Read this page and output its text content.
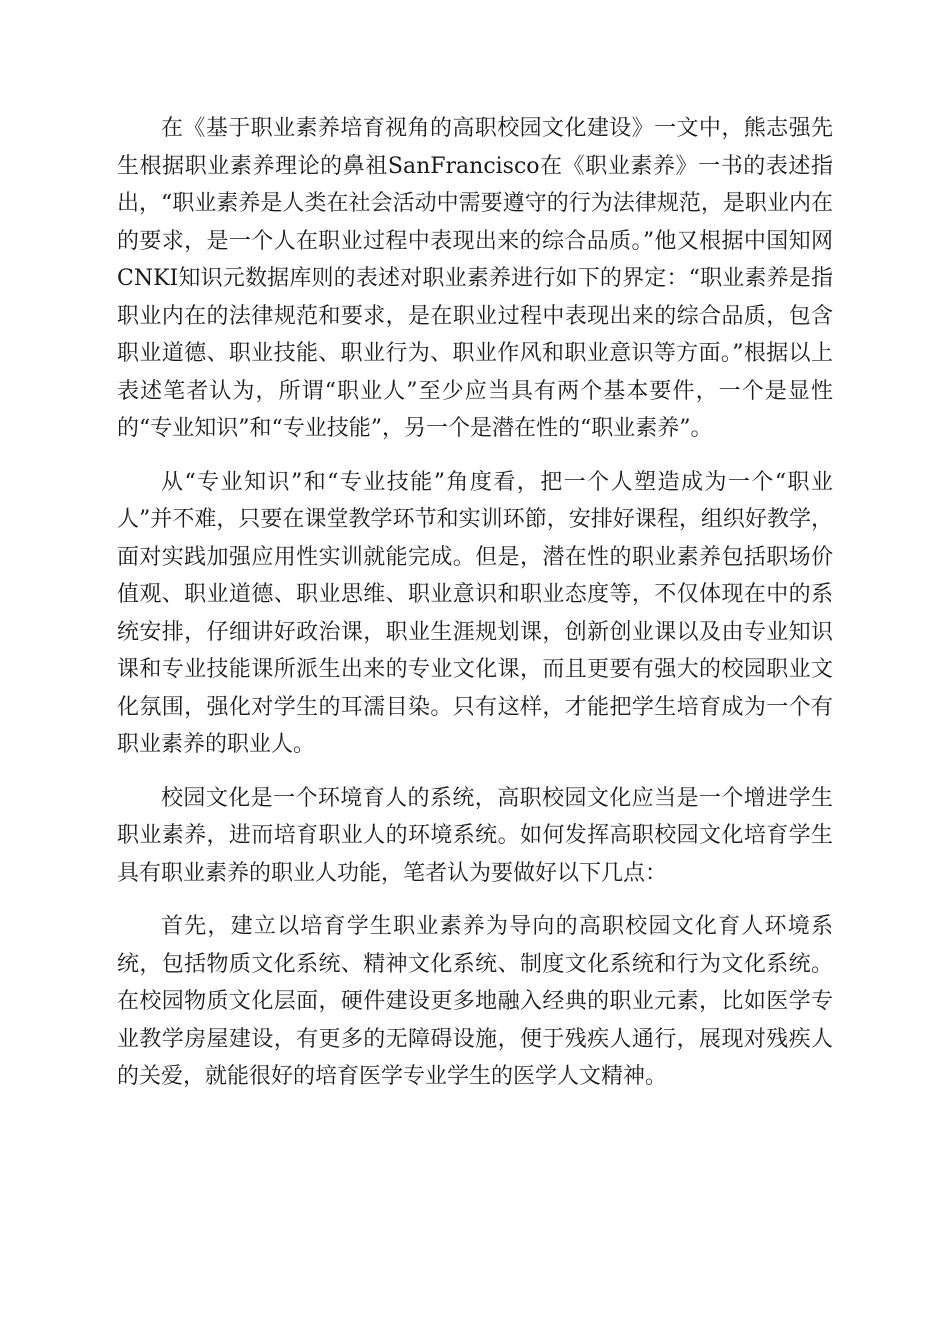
在《基于职业素养培育视角的高职校园文化建设》一文中，熊志强先生根据职业素养理论的鼻祖SanFrancisco在《职业素养》一书的表述指出，“职业素养是人类在社会活动中需要遵守的行为法律规范，是职业内在的要求，是一个人在职业过程中表现出来的综合品质。”他又根据中国知网CNKI知识元数据库则的表述对职业素养进行如下的界定：“职业素养是指职业内在的法律规范和要求，是在职业过程中表现出来的综合品质，包含职业道德、职业技能、职业行为、职业作风和职业意识等方面。”根据以上表述笔者认为，所谓“职业人”至少应当具有两个基本要件，一个是显性的“专业知识”和“专业技能”，另一个是潜在性的“职业素养”。

从“专业知识”和“专业技能”角度看，把一个人塑造成为一个“职业人”并不难，只要在课堂教学环节和实训环節，安排好课程，组织好教学，面对实践加强应用性实训就能完成。但是，潜在性的职业素养包括职场价值观、职业道德、职业思维、职业意识和职业态度等，不仅体现在中的系统安排，仔细讲好政治课，职业生涯规划课，创新创业课以及由专业知识课和专业技能课所派生出来的专业文化课，而且更要有强大的校园职业文化氛围，强化对学生的耳濡目染。只有这样，才能把学生培育成为一个有职业素养的职业人。

校园文化是一个环境育人的系统，高职校园文化应当是一个增进学生职业素养，进而培育职业人的环境系统。如何发挥高职校园文化培育学生具有职业素养的职业人功能，笔者认为要做好以下几点：

首先，建立以培育学生职业素养为导向的高职校园文化育人环境系统，包括物质文化系统、精神文化系统、制度文化系统和行为文化系统。在校园物质文化层面，硬件建设更多地融入经典的职业元素，比如医学专业教学房屋建设，有更多的无障碍设施，便于残疾人通行，展现对残疾人的关爱，就能很好的培育医学专业学生的医学人文精神。
